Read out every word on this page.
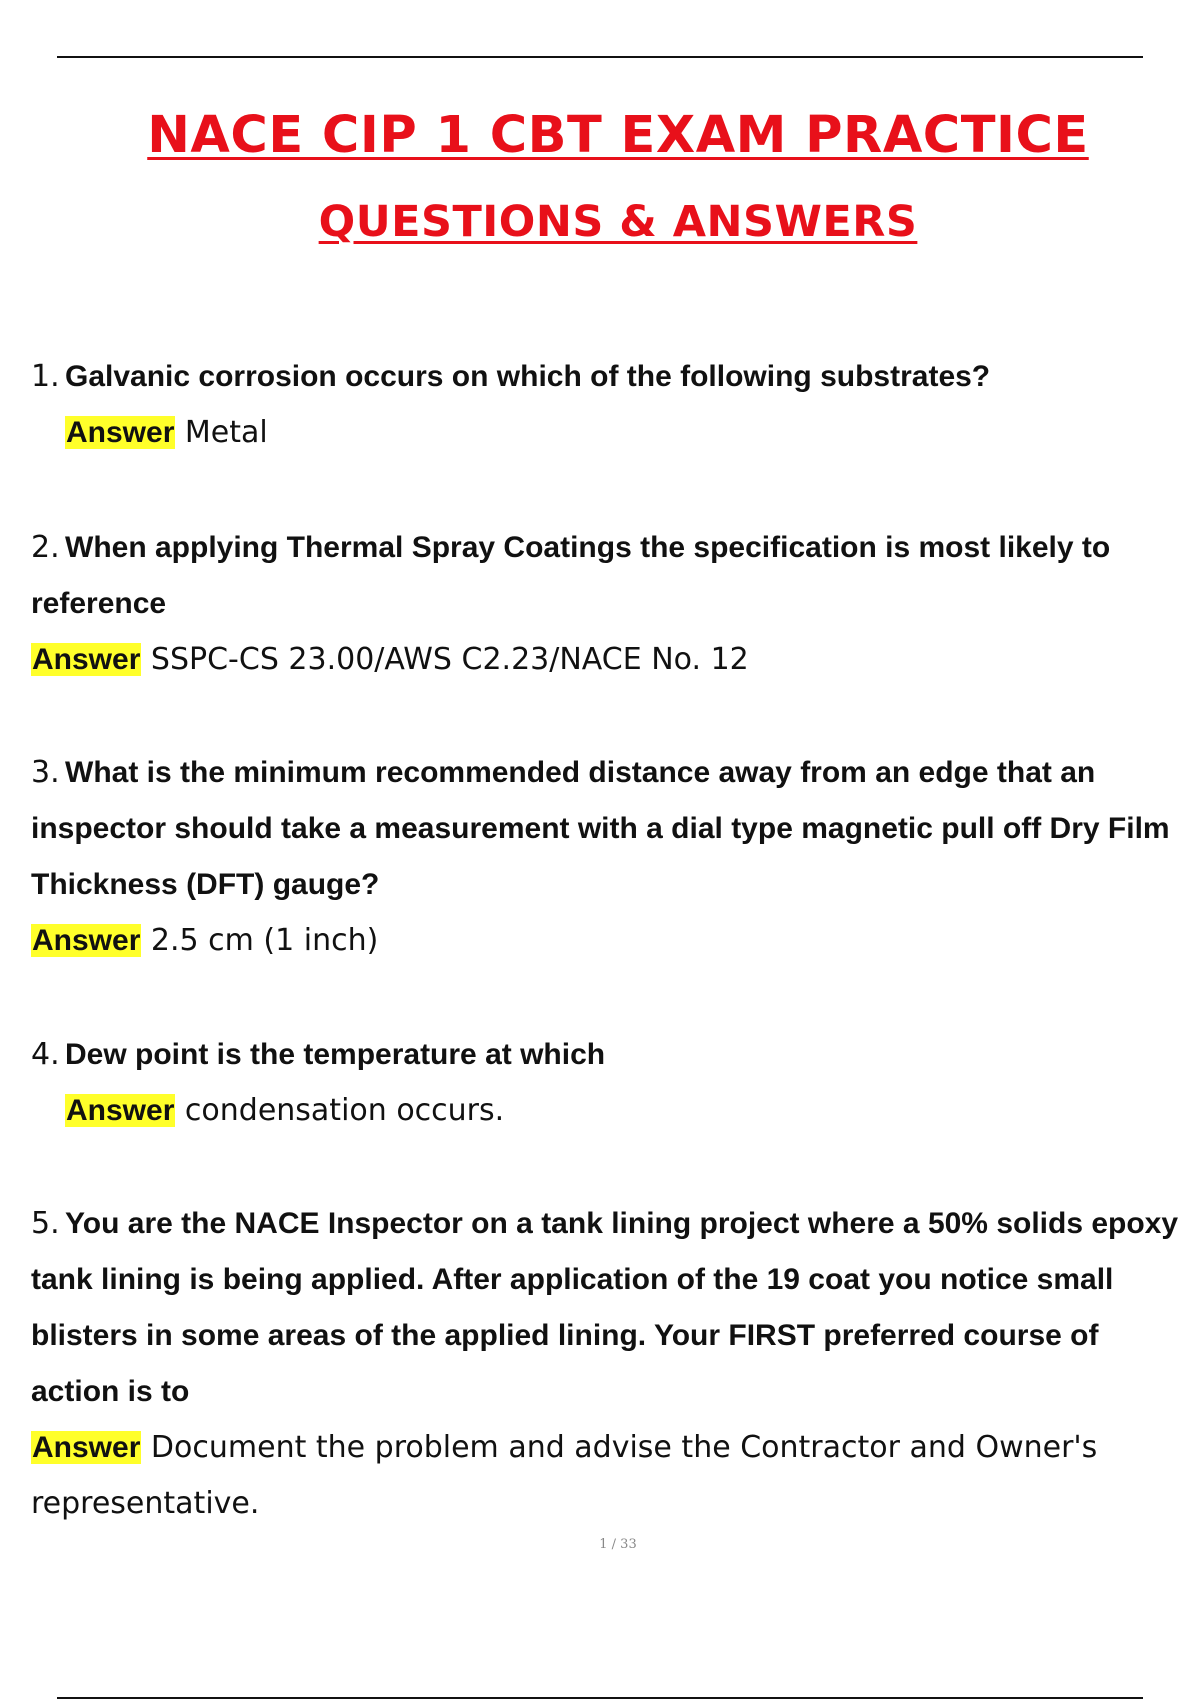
NACE CIP 1 CBT EXAM PRACTICE
QUESTIONS & ANSWERS
1. Galvanic corrosion occurs on which of the following substrates?
Answer Metal
2. When applying Thermal Spray Coatings the specification is most likely to reference
Answer SSPC-CS 23.00/AWS C2.23/NACE No. 12
3. What is the minimum recommended distance away from an edge that an inspector should take a measurement with a dial type magnetic pull off Dry Film Thickness (DFT) gauge?
Answer 2.5 cm (1 inch)
4. Dew point is the temperature at which
Answer condensation occurs.
5. You are the NACE Inspector on a tank lining project where a 50% solids epoxy tank lining is being applied. After application of the 19 coat you notice small blisters in some areas of the applied lining. Your FIRST preferred course of action is to
Answer Document the problem and advise the Contractor and Owner's representative.
1 / 33
